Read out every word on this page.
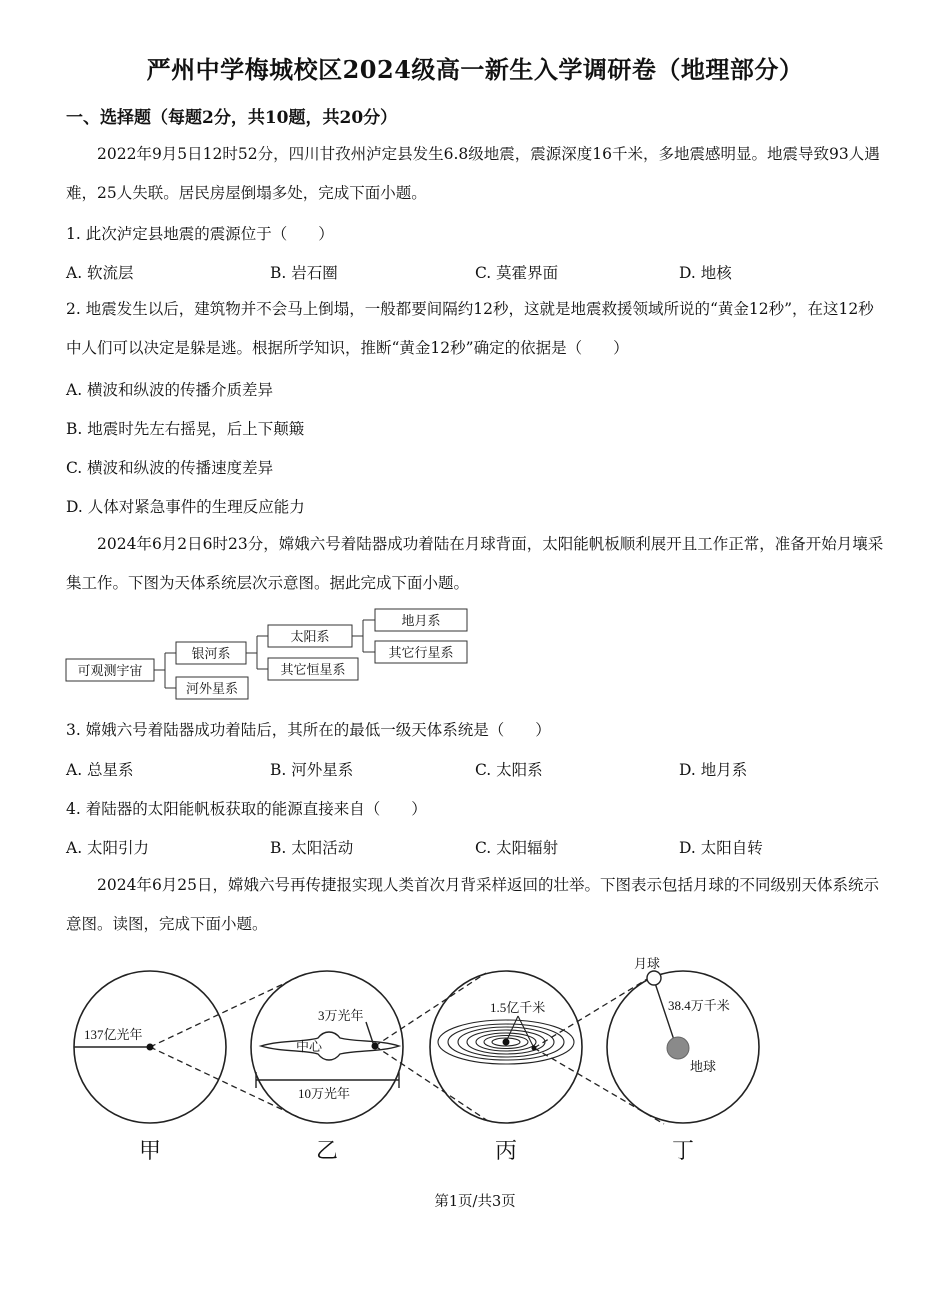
严州中学梅城校区2024级高一新生入学调研卷（地理部分）
一、选择题（每题2分，共10题，共20分）
2022年9月5日12时52分，四川甘孜州泸定县发生6.8级地震，震源深度16千米，多地震感明显。地震导致93人遇难，25人失联。居民房屋倒塌多处，完成下面小题。
1. 此次泸定县地震的震源位于（　　）
A. 软流层	B. 岩石圈	C. 莫霍界面	D. 地核
2. 地震发生以后，建筑物并不会马上倒塌，一般都要间隔约12秒，这就是地震救援领域所说的“黄金12秒”，在这12秒中人们可以决定是躲是逃。根据所学知识，推断“黄金12秒”确定的依据是（　　）
A. 横波和纵波的传播介质差异
B. 地震时先左右摇晃，后上下颠簸
C. 横波和纵波的传播速度差异
D. 人体对紧急事件的生理反应能力
2024年6月2日6时23分，嫦娥六号着陆器成功着陆在月球背面，太阳能帆板顺利展开且工作正常，准备开始月壤采集工作。下图为天体系统层次示意图。据此完成下面小题。
可观测宇宙
银河系
河外星系
太阳系
其它恒星系
地月系
其它行星系
3. 嫦娥六号着陆器成功着陆后，其所在的最低一级天体系统是（　　）
A. 总星系	B. 河外星系	C. 太阳系	D. 地月系
4. 着陆器的太阳能帆板获取的能源直接来自（　　）
A. 太阳引力	B. 太阳活动	C. 太阳辐射	D. 太阳自转
2024年6月25日，嫦娥六号再传捷报实现人类首次月背采样返回的壮举。下图表示包括月球的不同级别天体系统示意图。读图，完成下面小题。
137亿光年
3万光年
中心
10万光年
1.5亿千米
月球
38.4万千米
地球
甲	乙	丙	丁
第1页/共3页
